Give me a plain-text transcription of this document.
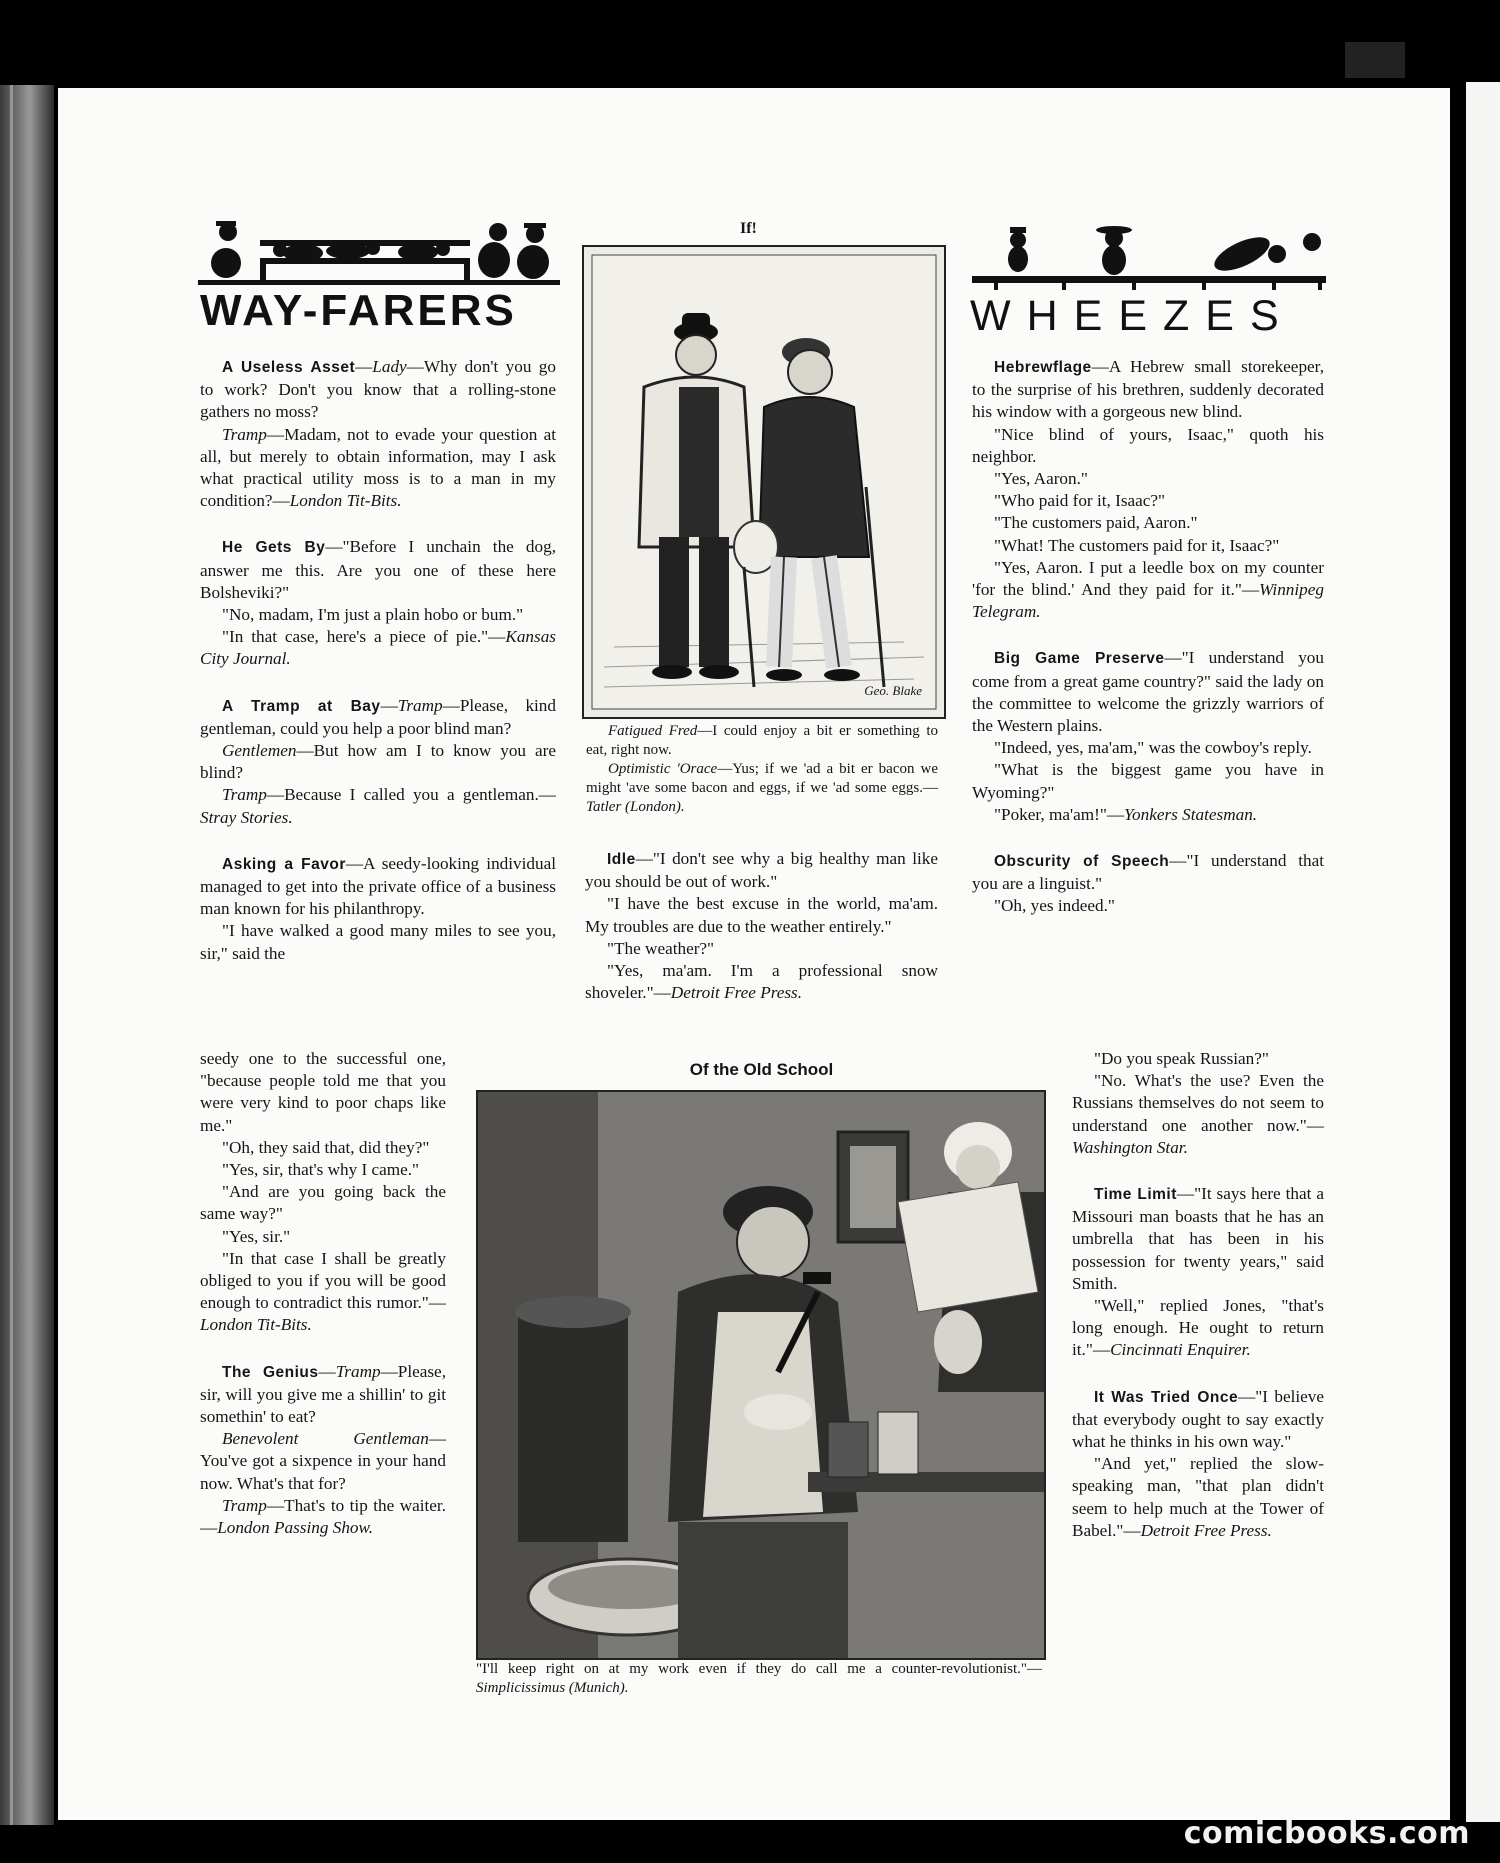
WAY-FARERS	WHEEZES

A Useless Asset—Lady—Why don't you go to work? Don't you know that a rolling-stone gathers no moss?

Tramp—Madam, not to evade your question at all, but merely to obtain information, may I ask what practical utility moss is to a man in my condition?—London Tit-Bits.

He Gets By—"Before I unchain the dog, answer me this. Are you one of these here Bolsheviki?"

"No, madam, I'm just a plain hobo or bum."

"In that case, here's a piece of pie."—Kansas City Journal.

A Tramp at Bay—Tramp—Please, kind gentleman, could you help a poor blind man?

Gentlemen—But how am I to know you are blind?

Tramp—Because I called you a gentleman.—Stray Stories.

Asking a Favor—A seedy-looking individual managed to get into the private office of a business man known for his philanthropy.

"I have walked a good many miles to see you, sir," said the

seedy one to the successful one, "because people told me that you were very kind to poor chaps like me."

"Oh, they said that, did they?"

"Yes, sir, that's why I came."

"And are you going back the same way?"

"Yes, sir."

"In that case I shall be greatly obliged to you if you will be good enough to contradict this rumor."—London Tit-Bits.

The Genius—Tramp—Please, sir, will you give me a shillin' to git somethin' to eat?

Benevolent Gentleman— You've got a sixpence in your hand now. What's that for?

Tramp—That's to tip the waiter.—London Passing Show.

If!
Geo. Blake

Fatigued Fred—I could enjoy a bit er something to eat, right now.

Optimistic 'Orace—Yus; if we 'ad a bit er bacon we might 'ave some bacon and eggs, if we 'ad some eggs.—Tatler (London).

Idle—"I don't see why a big healthy man like you should be out of work."

"I have the best excuse in the world, ma'am. My troubles are due to the weather entirely."

"The weather?"

"Yes, ma'am. I'm a professional snow shoveler."—Detroit Free Press.

Of the Old School

"I'll keep right on at my work even if they do call me a counter-revolutionist."—Simplicissimus (Munich).

Hebrewflage—A Hebrew small storekeeper, to the surprise of his brethren, suddenly decorated his window with a gorgeous new blind.

"Nice blind of yours, Isaac," quoth his neighbor.

"Yes, Aaron."

"Who paid for it, Isaac?"

"The customers paid, Aaron."

"What! The customers paid for it, Isaac?"

"Yes, Aaron. I put a leedle box on my counter 'for the blind.' And they paid for it."—Winnipeg Telegram.

Big Game Preserve—"I understand you come from a great game country?" said the lady on the committee to welcome the grizzly warriors of the Western plains.

"Indeed, yes, ma'am," was the cowboy's reply.

"What is the biggest game you have in Wyoming?"

"Poker, ma'am!"—Yonkers Statesman.

Obscurity of Speech—"I understand that you are a linguist."

"Oh, yes indeed."

"Do you speak Russian?"

"No. What's the use? Even the Russians themselves do not seem to understand one another now."—Washington Star.

Time Limit—"It says here that a Missouri man boasts that he has an umbrella that has been in his possession for twenty years," said Smith.

"Well," replied Jones, "that's long enough. He ought to return it."—Cincinnati Enquirer.

It Was Tried Once—"I believe that everybody ought to say exactly what he thinks in his own way."

"And yet," replied the slow-speaking man, "that plan didn't seem to help much at the Tower of Babel."—Detroit Free Press.

comicbooks.com
